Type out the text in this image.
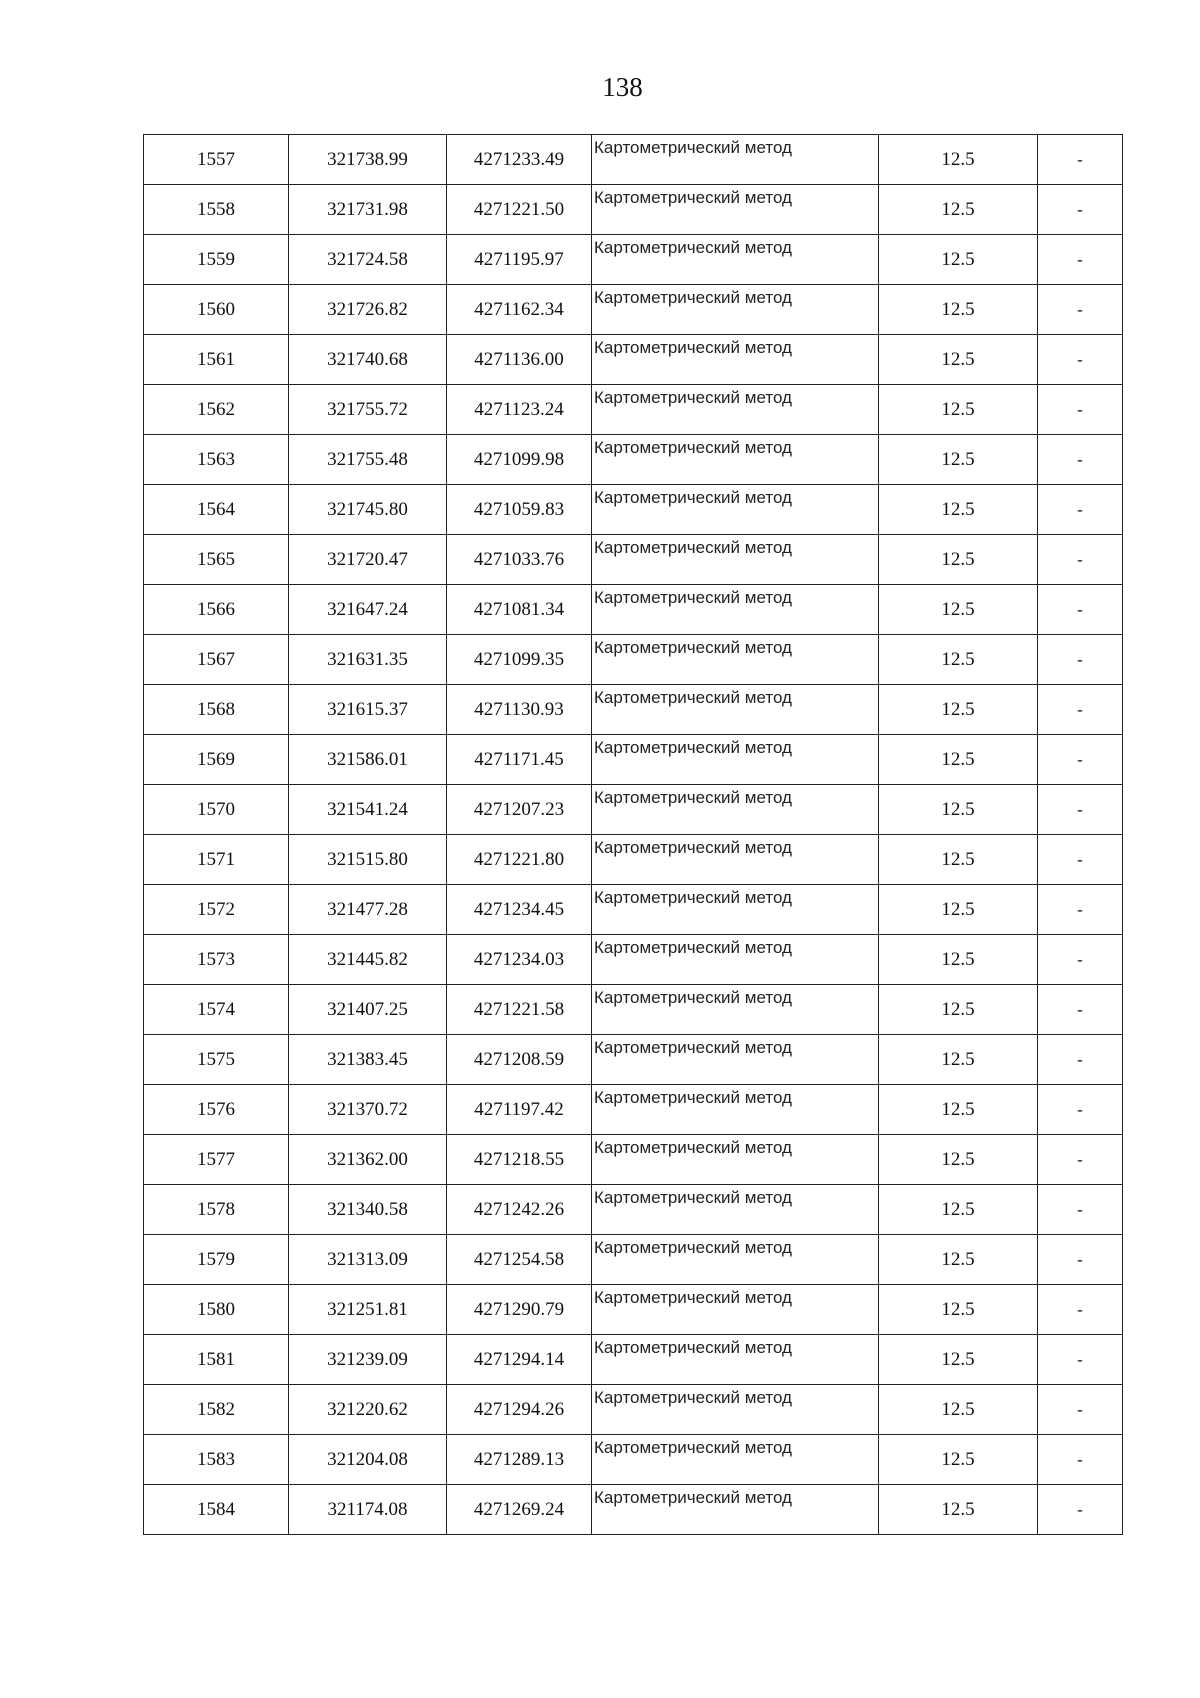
138
1557	321738.99	4271233.49	Картометрический метод	12.5	-
1558	321731.98	4271221.50	Картометрический метод	12.5	-
1559	321724.58	4271195.97	Картометрический метод	12.5	-
1560	321726.82	4271162.34	Картометрический метод	12.5	-
1561	321740.68	4271136.00	Картометрический метод	12.5	-
1562	321755.72	4271123.24	Картометрический метод	12.5	-
1563	321755.48	4271099.98	Картометрический метод	12.5	-
1564	321745.80	4271059.83	Картометрический метод	12.5	-
1565	321720.47	4271033.76	Картометрический метод	12.5	-
1566	321647.24	4271081.34	Картометрический метод	12.5	-
1567	321631.35	4271099.35	Картометрический метод	12.5	-
1568	321615.37	4271130.93	Картометрический метод	12.5	-
1569	321586.01	4271171.45	Картометрический метод	12.5	-
1570	321541.24	4271207.23	Картометрический метод	12.5	-
1571	321515.80	4271221.80	Картометрический метод	12.5	-
1572	321477.28	4271234.45	Картометрический метод	12.5	-
1573	321445.82	4271234.03	Картометрический метод	12.5	-
1574	321407.25	4271221.58	Картометрический метод	12.5	-
1575	321383.45	4271208.59	Картометрический метод	12.5	-
1576	321370.72	4271197.42	Картометрический метод	12.5	-
1577	321362.00	4271218.55	Картометрический метод	12.5	-
1578	321340.58	4271242.26	Картометрический метод	12.5	-
1579	321313.09	4271254.58	Картометрический метод	12.5	-
1580	321251.81	4271290.79	Картометрический метод	12.5	-
1581	321239.09	4271294.14	Картометрический метод	12.5	-
1582	321220.62	4271294.26	Картометрический метод	12.5	-
1583	321204.08	4271289.13	Картометрический метод	12.5	-
1584	321174.08	4271269.24	Картометрический метод	12.5	-
